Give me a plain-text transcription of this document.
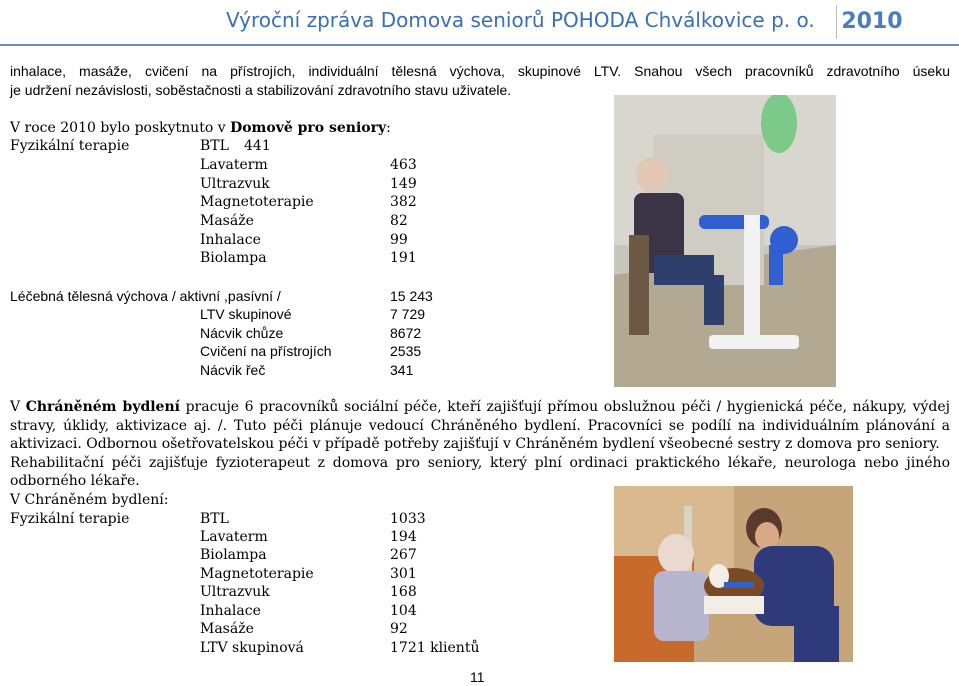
Výroční zpráva Domova seniorů POHODA Chválkovice p. o. 2010
inhalace, masáže, cvičení na přístrojích, individuální tělesná výchova, skupinové LTV. Snahou všech pracovníků zdravotního úseku
je udržení nezávislosti, soběstačnosti a stabilizování zdravotního stavu uživatele.
V roce 2010 bylo poskytnuto v Domově pro seniory:
Fyzikální terapie	BTL 441
Lavaterm	463
Ultrazvuk	149
Magnetoterapie	382
Masáže	82
Inhalace	99
Biolampa	191
Léčebná tělesná výchova / aktivní ,pasívní /	15 243
LTV skupinové	7 729
Nácvik chůze	8672
Cvičení na přístrojích	2535
Nácvik řeč	341
V Chráněném bydlení pracuje 6 pracovníků sociální péče, kteří zajišťují přímou obslužnou péči / hygienická péče, nákupy, výdej
stravy, úklidy, aktivizace aj. /. Tuto péči plánuje vedoucí Chráněného bydlení. Pracovníci se podílí na individuálním plánování a
aktivizaci. Odbornou ošetřovatelskou péči v případě potřeby zajišťují v Chráněném bydlení všeobecné sestry z domova pro seniory.
Rehabilitační péči zajišťuje fyzioterapeut z domova pro seniory, který plní ordinaci praktického lékaře, neurologa nebo jiného
odborného lékaře.
V Chráněném bydlení:
Fyzikální terapie	BTL	1033
Lavaterm	194
Biolampa	267
Magnetoterapie	301
Ultrazvuk	168
Inhalace	104
Masáže	92
LTV skupinová	1721 klientů
11
